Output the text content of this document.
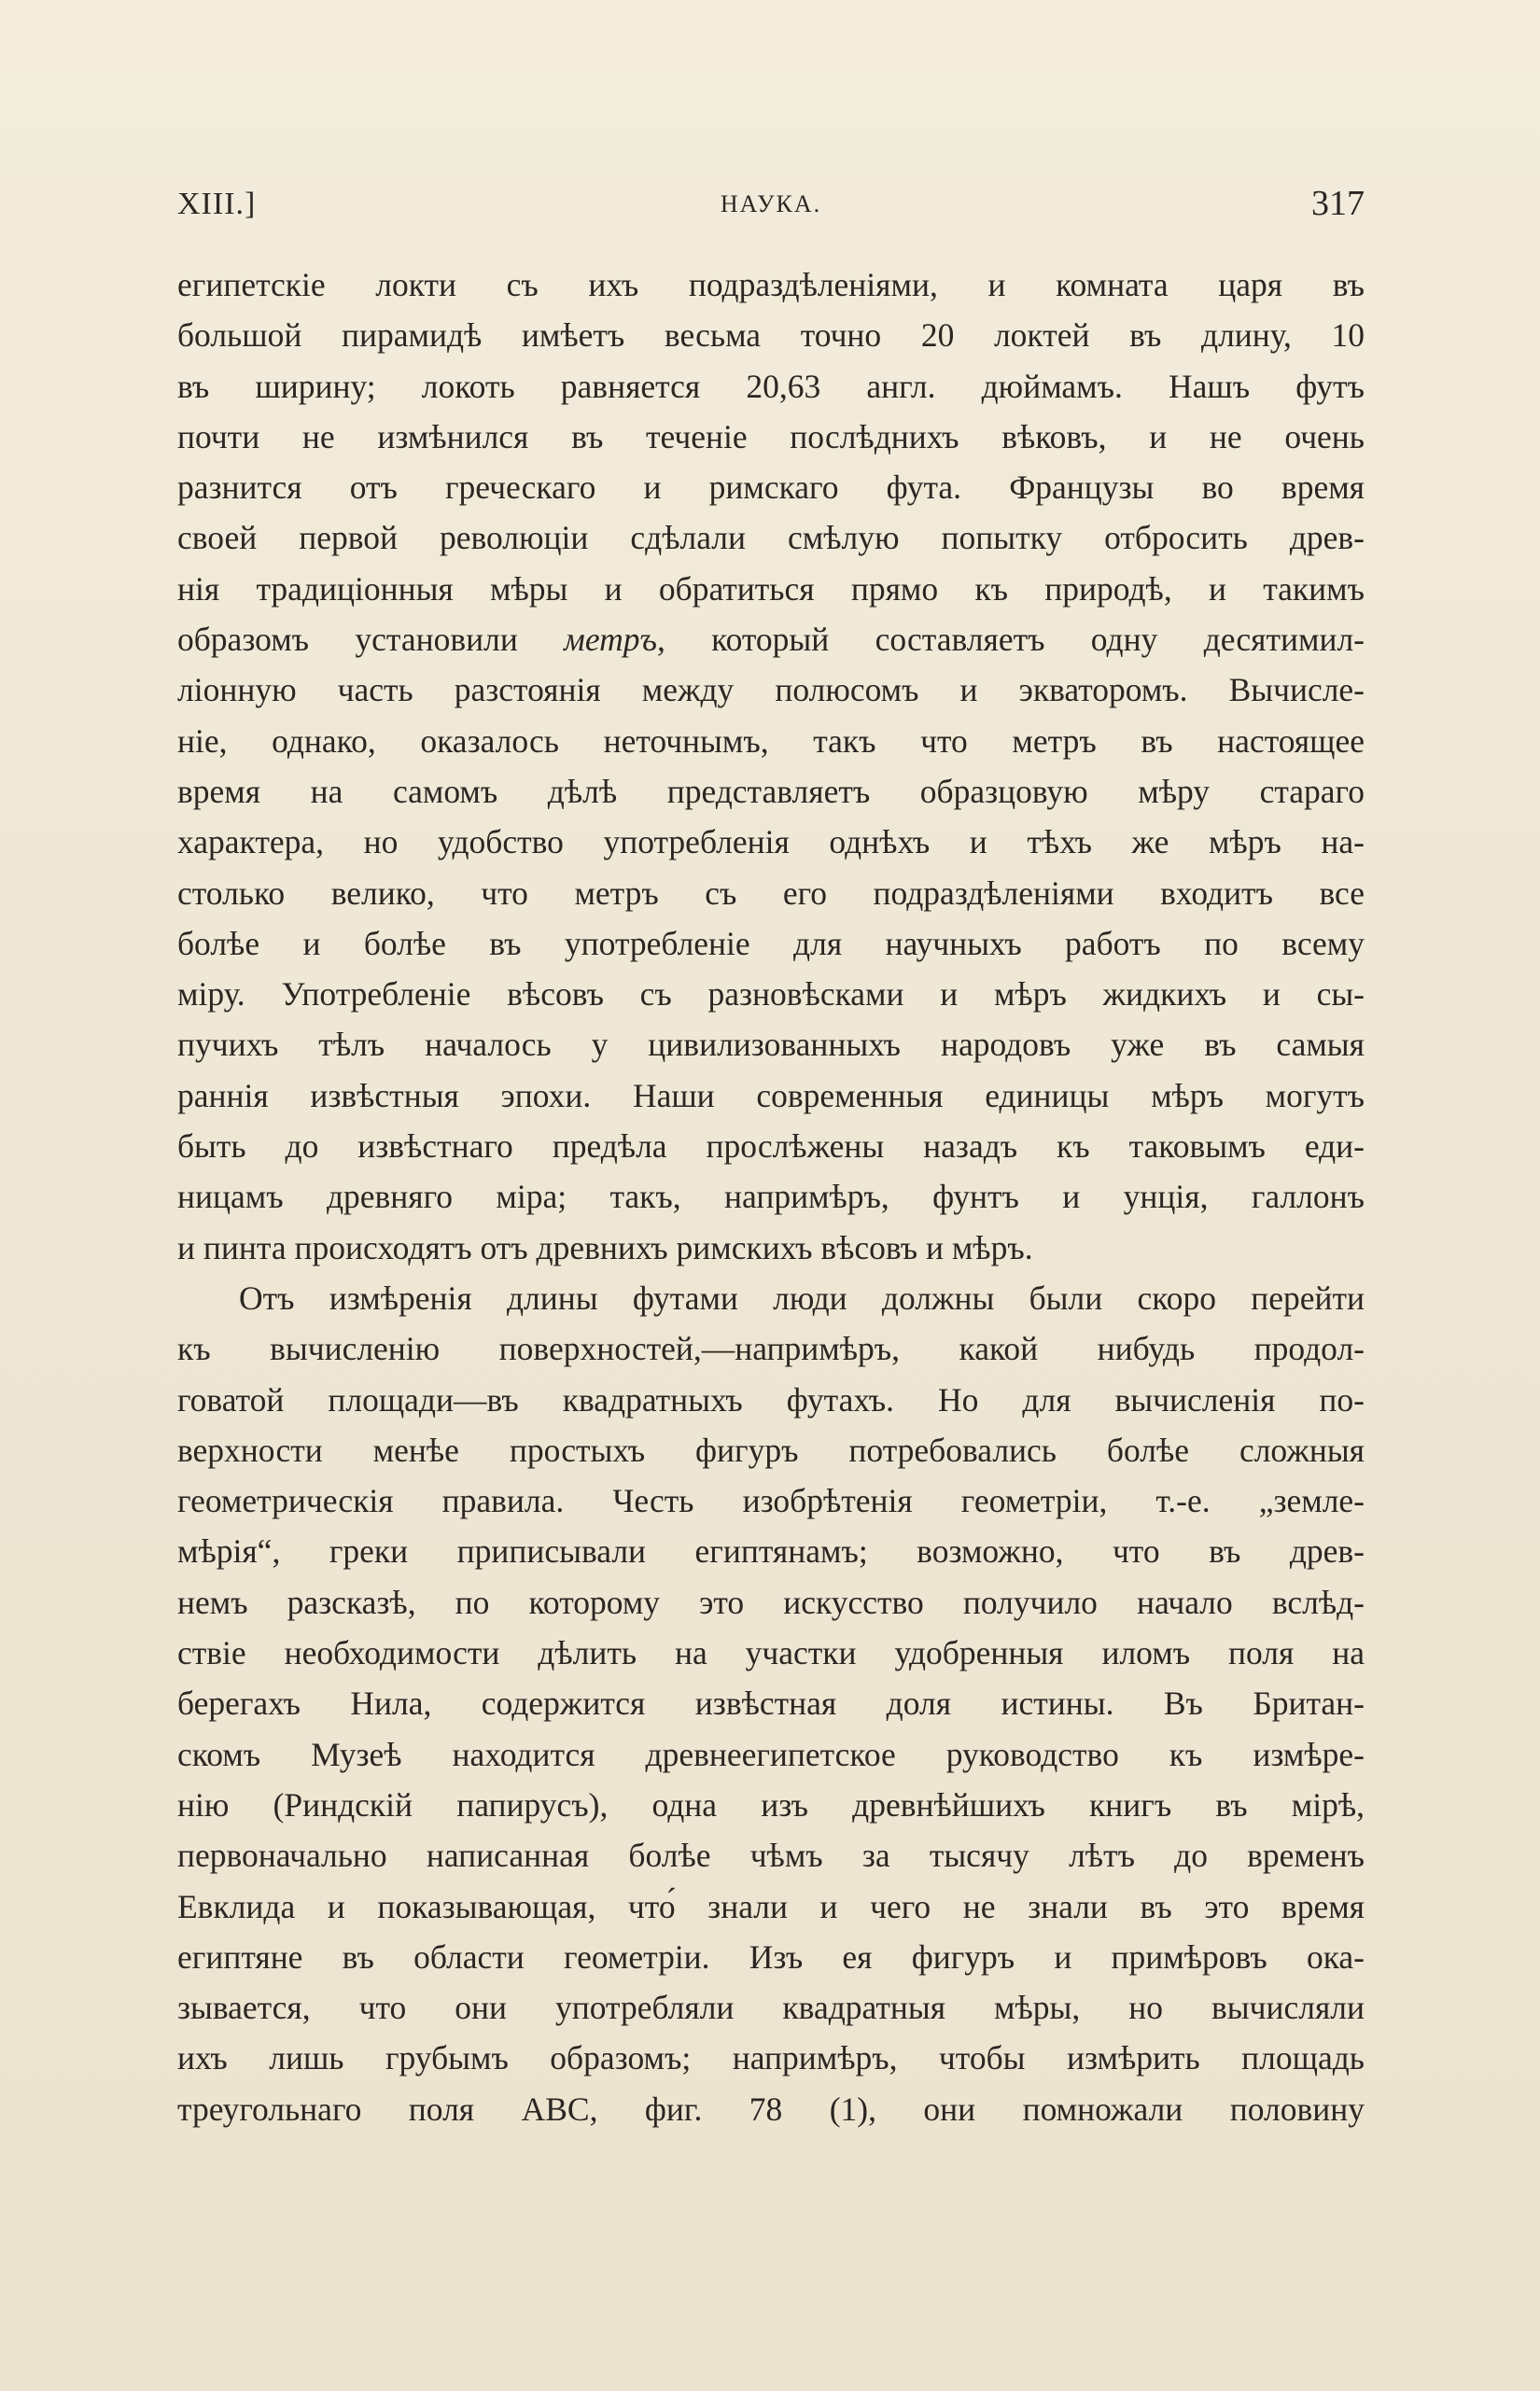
XIII.]	НАУКА.	317
египетскіе локти съ ихъ подраздѣленіями, и комната царя въ
большой пирамидѣ имѣетъ весьма точно 20 локтей въ длину, 10
въ ширину; локоть равняется 20,63 англ. дюймамъ. Нашъ футъ
почти не измѣнился въ теченіе послѣднихъ вѣковъ, и не очень
разнится отъ греческаго и римскаго фута. Французы во время
своей первой революціи сдѣлали смѣлую попытку отбросить древ-
нія традиціонныя мѣры и обратиться прямо къ природѣ, и такимъ
образомъ установили метръ, который составляетъ одну десятимил-
ліонную часть разстоянія между полюсомъ и экваторомъ. Вычисле-
ніе, однако, оказалось неточнымъ, такъ что метръ въ настоящее
время на самомъ дѣлѣ представляетъ образцовую мѣру стараго
характера, но удобство употребленія однѣхъ и тѣхъ же мѣръ на-
столько велико, что метръ съ его подраздѣленіями входитъ все
болѣе и болѣе въ употребленіе для научныхъ работъ по всему
міру. Употребленіе вѣсовъ съ разновѣсками и мѣръ жидкихъ и сы-
пучихъ тѣлъ началось у цивилизованныхъ народовъ уже въ самыя
раннія извѣстныя эпохи. Наши современныя единицы мѣръ могутъ
быть до извѣстнаго предѣла прослѣжены назадъ къ таковымъ еди-
ницамъ древняго міра; такъ, напримѣръ, фунтъ и унція, галлонъ
и пинта происходятъ отъ древнихъ римскихъ вѣсовъ и мѣръ.
Отъ измѣренія длины футами люди должны были скоро перейти
къ вычисленію поверхностей,—напримѣръ, какой нибудь продол-
говатой площади—въ квадратныхъ футахъ. Но для вычисленія по-
верхности менѣе простыхъ фигуръ потребовались болѣе сложныя
геометрическія правила. Честь изобрѣтенія геометріи, т.-е. „земле-
мѣрія“, греки приписывали египтянамъ; возможно, что въ древ-
немъ разсказѣ, по которому это искусство получило начало вслѣд-
ствіе необходимости дѣлить на участки удобренныя иломъ поля на
берегахъ Нила, содержится извѣстная доля истины. Въ Британ-
скомъ Музеѣ находится древнеегипетское руководство къ измѣре-
нію (Риндскій папирусъ), одна изъ древнѣйшихъ книгъ въ мірѣ,
первоначально написанная болѣе чѣмъ за тысячу лѣтъ до временъ
Евклида и показывающая, что́ знали и чего не знали въ это время
египтяне въ области геометріи. Изъ ея фигуръ и примѣровъ ока-
зывается, что они употребляли квадратныя мѣры, но вычисляли
ихъ лишь грубымъ образомъ; напримѣръ, чтобы измѣрить площадь
треугольнаго поля ABC, фиг. 78 (1), они помножали половину
